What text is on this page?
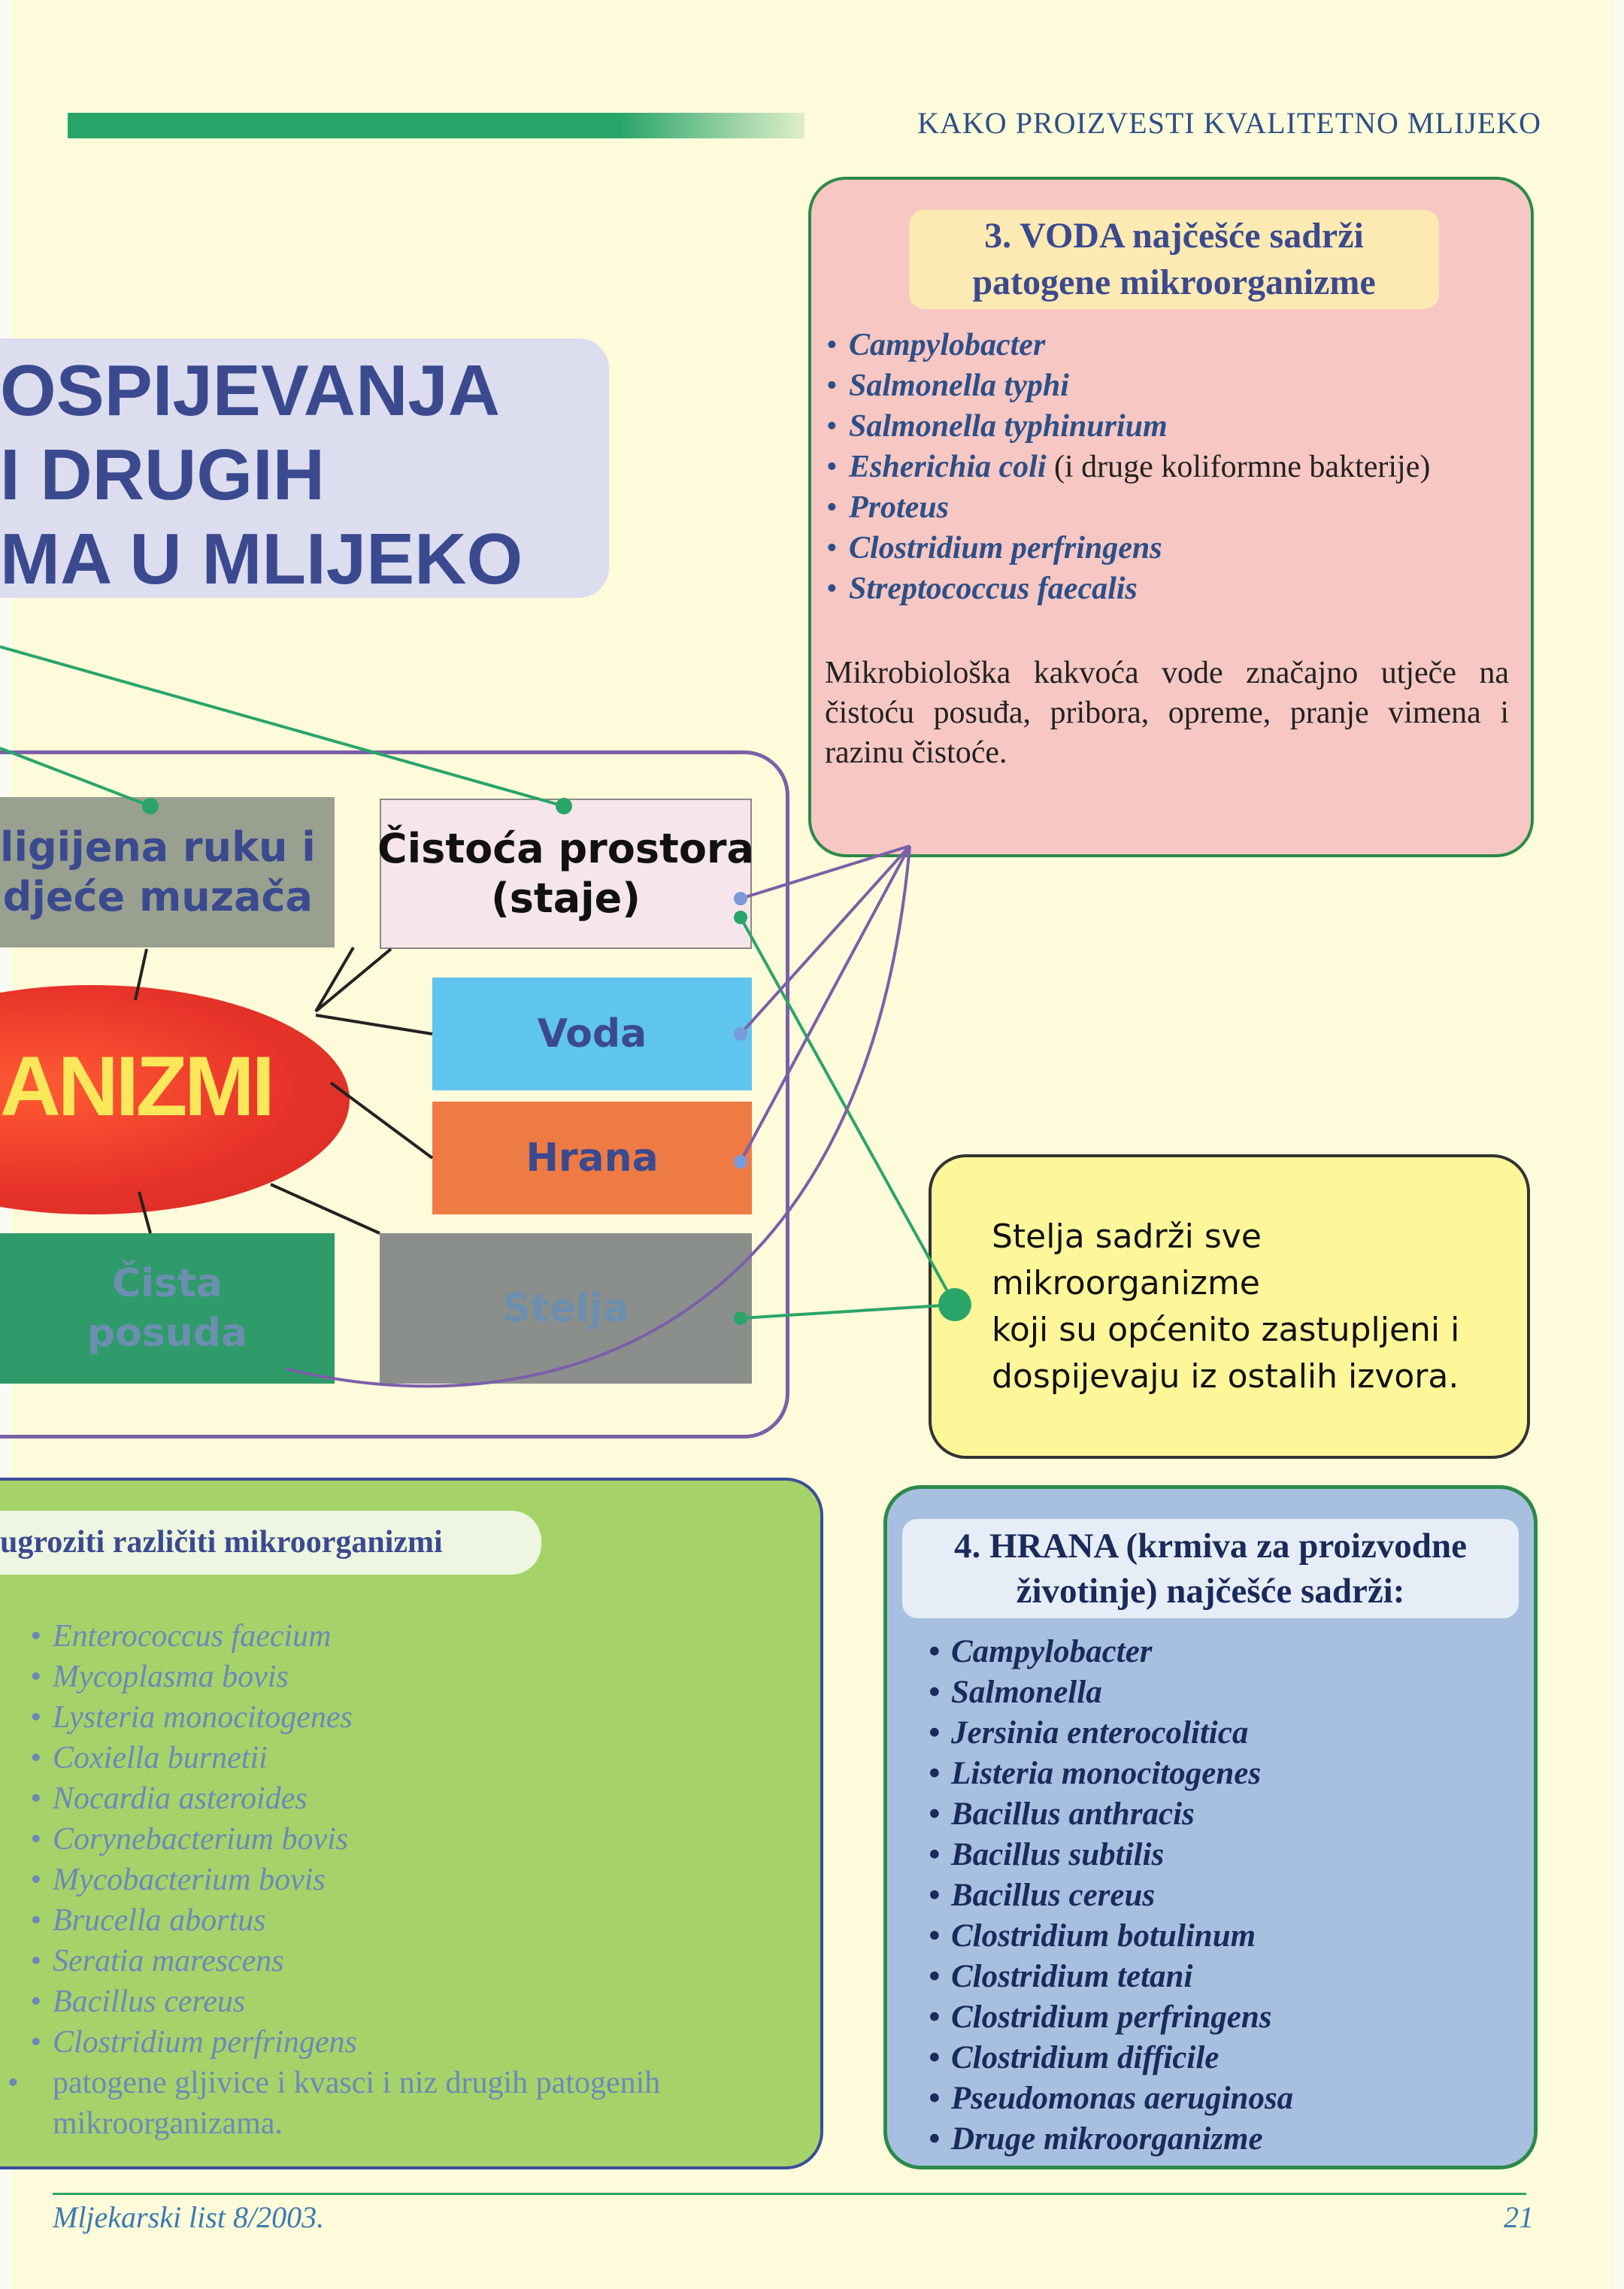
KAKO PROIZVESTI KVALITETNO MLIJEKO
OSPIJEVANJA
I DRUGIH
MA U MLIJEKO
3. VODA najčešće sadrži
patogene mikroorganizme
• Campylobacter
• Salmonella typhi
• Salmonella typhinurium
• Esherichia coli (i druge koliformne bakterije)
• Proteus
• Clostridium perfringens
• Streptococcus faecalis
Mikrobiološka kakvoća vode značajno utječe na čistoću posuđa, pribora, opreme, pranje vimena i razinu čistoće.
ANIZMI
ligijena ruku i
djeće muzača
Čistoća prostora
(staje)
Voda
Hrana
Čista
posuda
Stelja
Stelja sadrži sve
mikroorganizme
koji su općenito zastupljeni i
dospijevaju iz ostalih izvora.
ugroziti različiti mikroorganizmi
• Enterococcus faecium
• Mycoplasma bovis
• Lysteria monocitogenes
• Coxiella burnetii
• Nocardia asteroides
• Corynebacterium bovis
• Mycobacterium bovis
• Brucella abortus
• Seratia marescens
• Bacillus cereus
• Clostridium perfringens
• patogene gljivice i kvasci i niz drugih patogenih mikroorganizama.
4. HRANA (krmiva za proizvodne
životinje) najčešće sadrži:
• Campylobacter
• Salmonella
• Jersinia enterocolitica
• Listeria monocitogenes
• Bacillus anthracis
• Bacillus subtilis
• Bacillus cereus
• Clostridium botulinum
• Clostridium tetani
• Clostridium perfringens
• Clostridium difficile
• Pseudomonas aeruginosa
• Druge mikroorganizme
Mljekarski list 8/2003.	21
